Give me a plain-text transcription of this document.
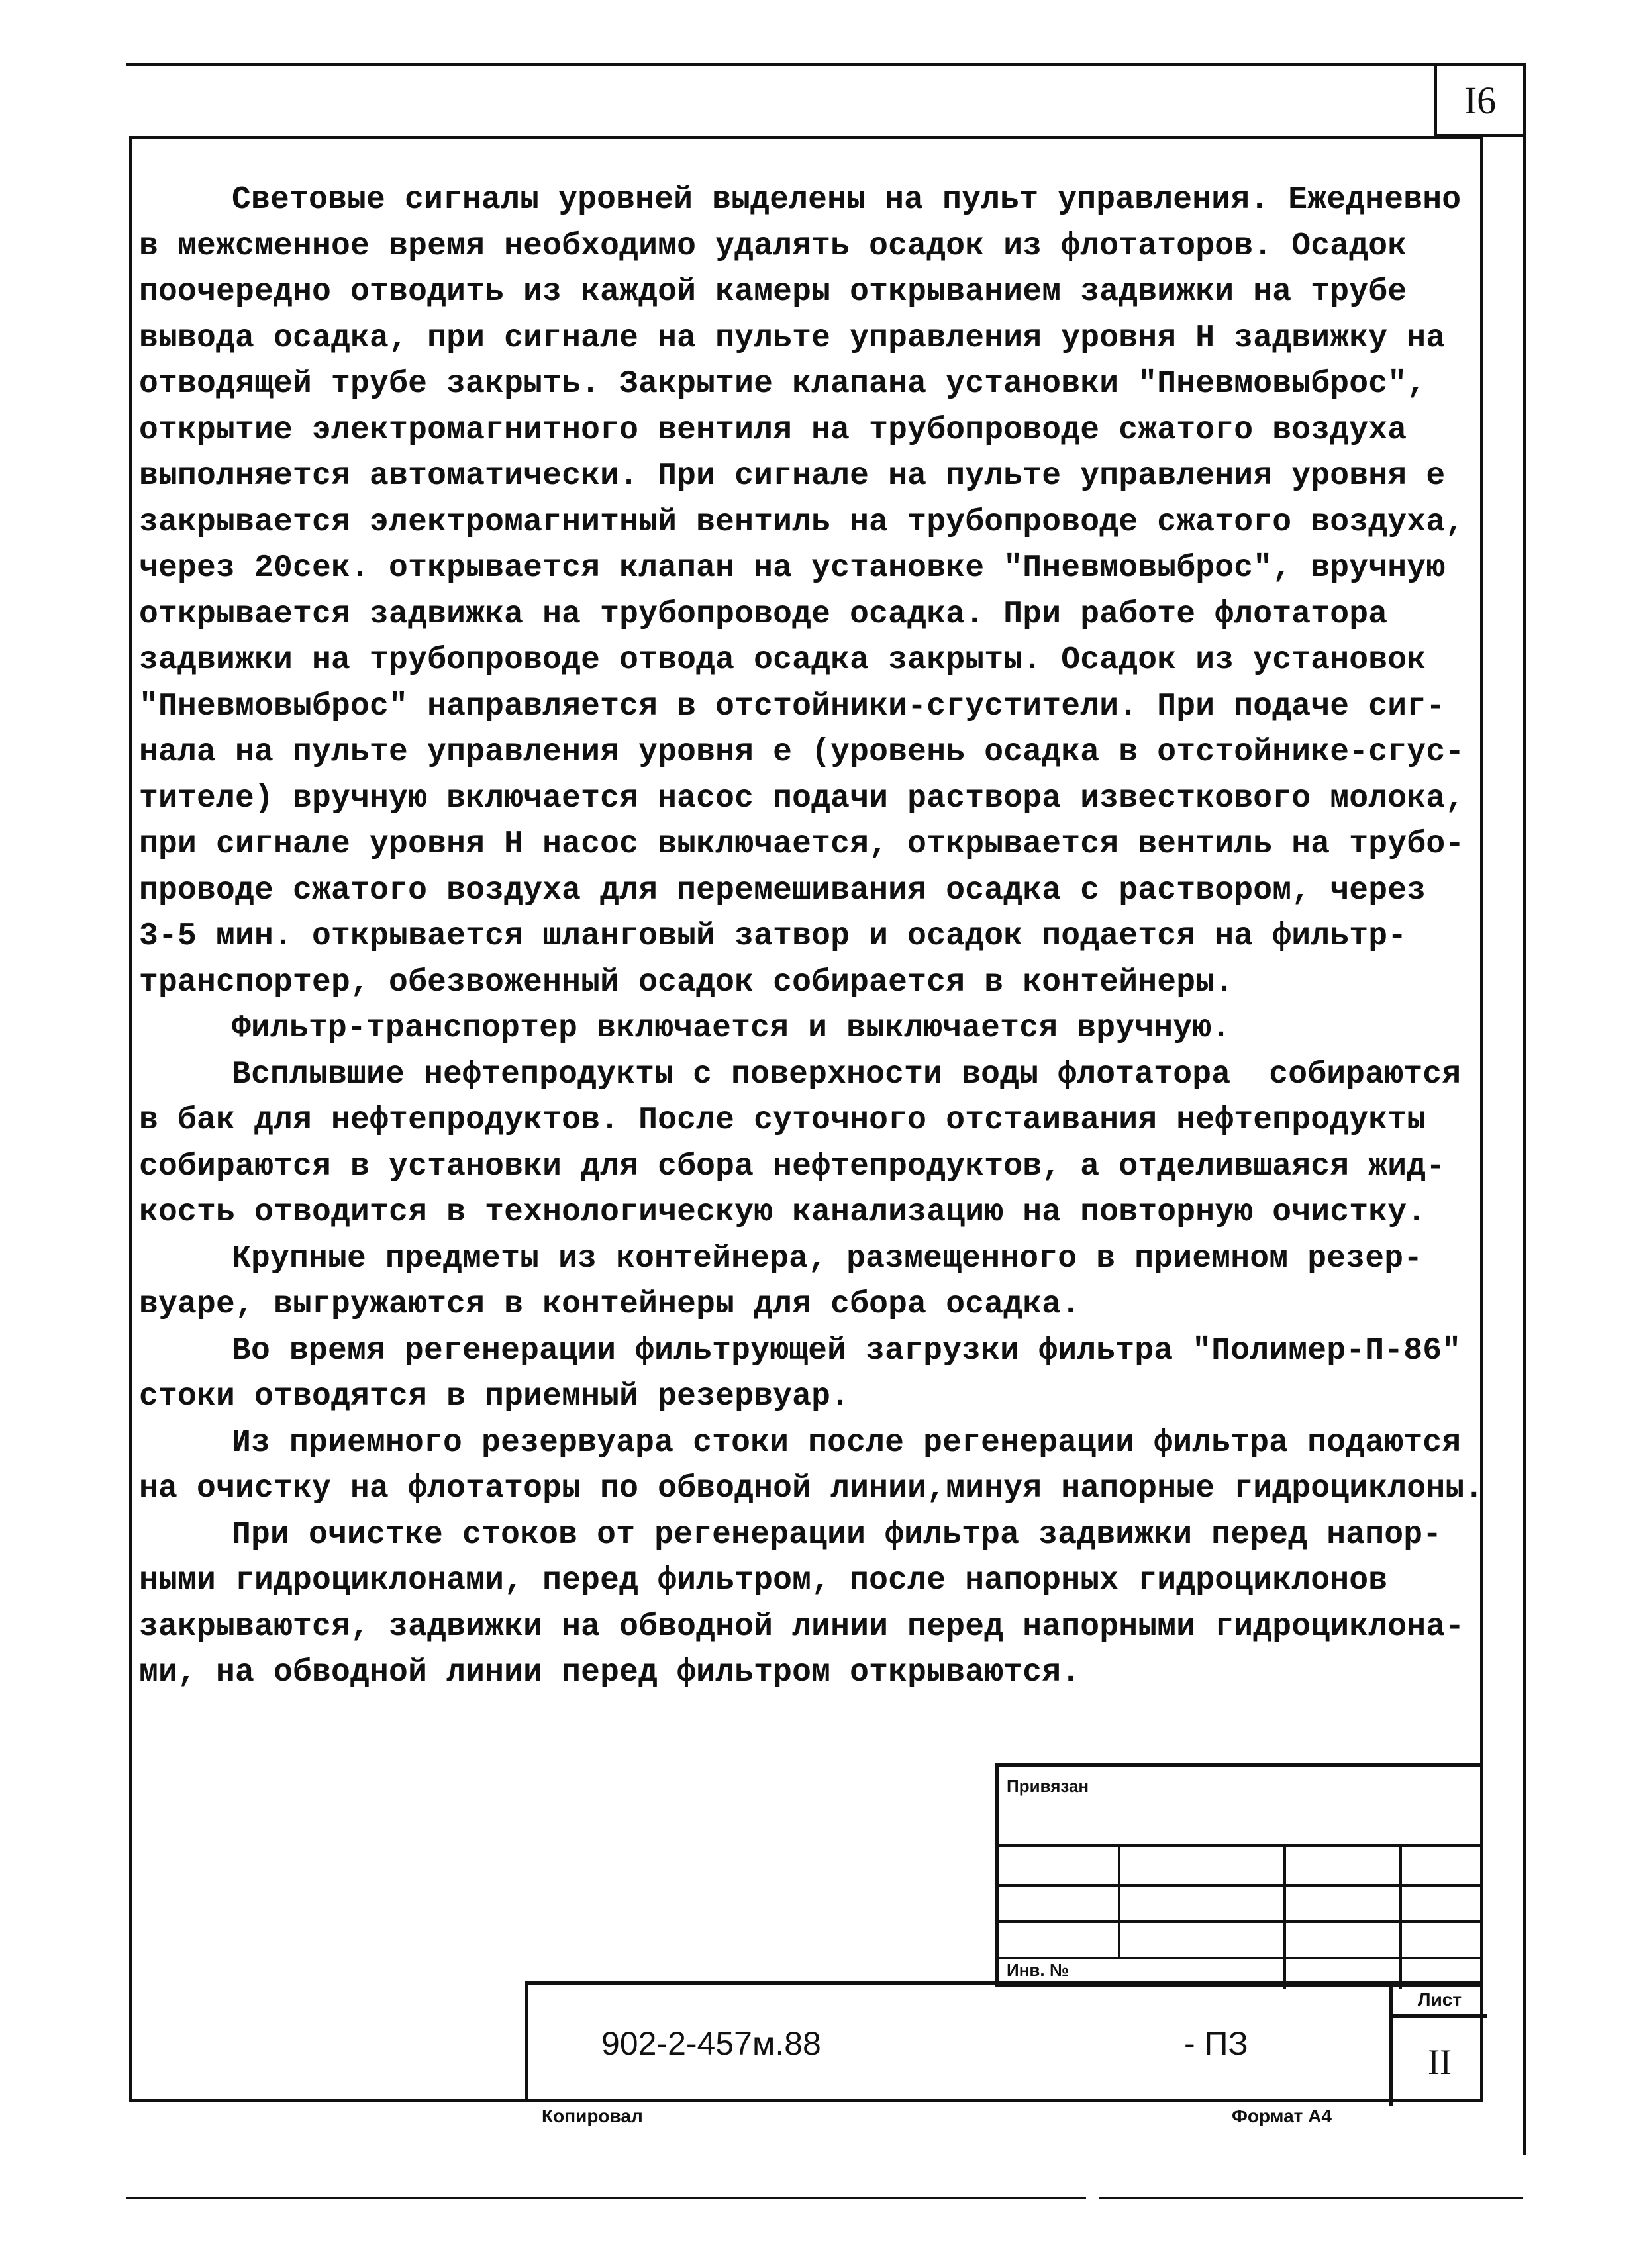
I6

Световые сигналы уровней выделены на пульт управления. Ежедневно

в межсменное время необходимо удалять осадок из флотаторов. Осадок

поочередно отводить из каждой камеры открыванием задвижки на трубе

вывода осадка, при сигнале на пульте управления уровня Н задвижку на

отводящей трубе закрыть. Закрытие клапана установки "Пневмовыброс",

открытие электромагнитного вентиля на трубопроводе сжатого воздуха

выполняется автоматически. При сигнале на пульте управления уровня е

закрывается электромагнитный вентиль на трубопроводе сжатого воздуха,

через 20сек. открывается клапан на установке "Пневмовыброс", вручную

открывается задвижка на трубопроводе осадка. При работе флотатора

задвижки на трубопроводе отвода осадка закрыты. Осадок из установок

"Пневмовыброс" направляется в отстойники-сгустители. При подаче сиг-

нала на пульте управления уровня е (уровень осадка в отстойнике-сгус-

тителе) вручную включается насос подачи раствора известкового молока,

при сигнале уровня Н насос выключается, открывается вентиль на трубо-

проводе сжатого воздуха для перемешивания осадка с раствором, через

3-5 мин. открывается шланговый затвор и осадок подается на фильтр-

транспортер, обезвоженный осадок собирается в контейнеры.

Фильтр-транспортер включается и выключается вручную.

Всплывшие нефтепродукты с поверхности воды флотатора  собираются

в бак для нефтепродуктов. После суточного отстаивания нефтепродукты

собираются в установки для сбора нефтепродуктов, а отделившаяся жид-

кость отводится в технологическую канализацию на повторную очистку.

Крупные предметы из контейнера, размещенного в приемном резер-

вуаре, выгружаются в контейнеры для сбора осадка.

Во время регенерации фильтрующей загрузки фильтра "Полимер-П-86"

стоки отводятся в приемный резервуар.

Из приемного резервуара стоки после регенерации фильтра подаются

на очистку на флотаторы по обводной линии,минуя напорные гидроциклоны.

При очистке стоков от регенерации фильтра задвижки перед напор-

ными гидроциклонами, перед фильтром, после напорных гидроциклонов

закрываются, задвижки на обводной линии перед напорными гидроциклона-

ми, на обводной линии перед фильтром открываются.

Привязан
Инв. №
902-2-457м.88	- ПЗ
Лист
II
Копировал	Формат А4
